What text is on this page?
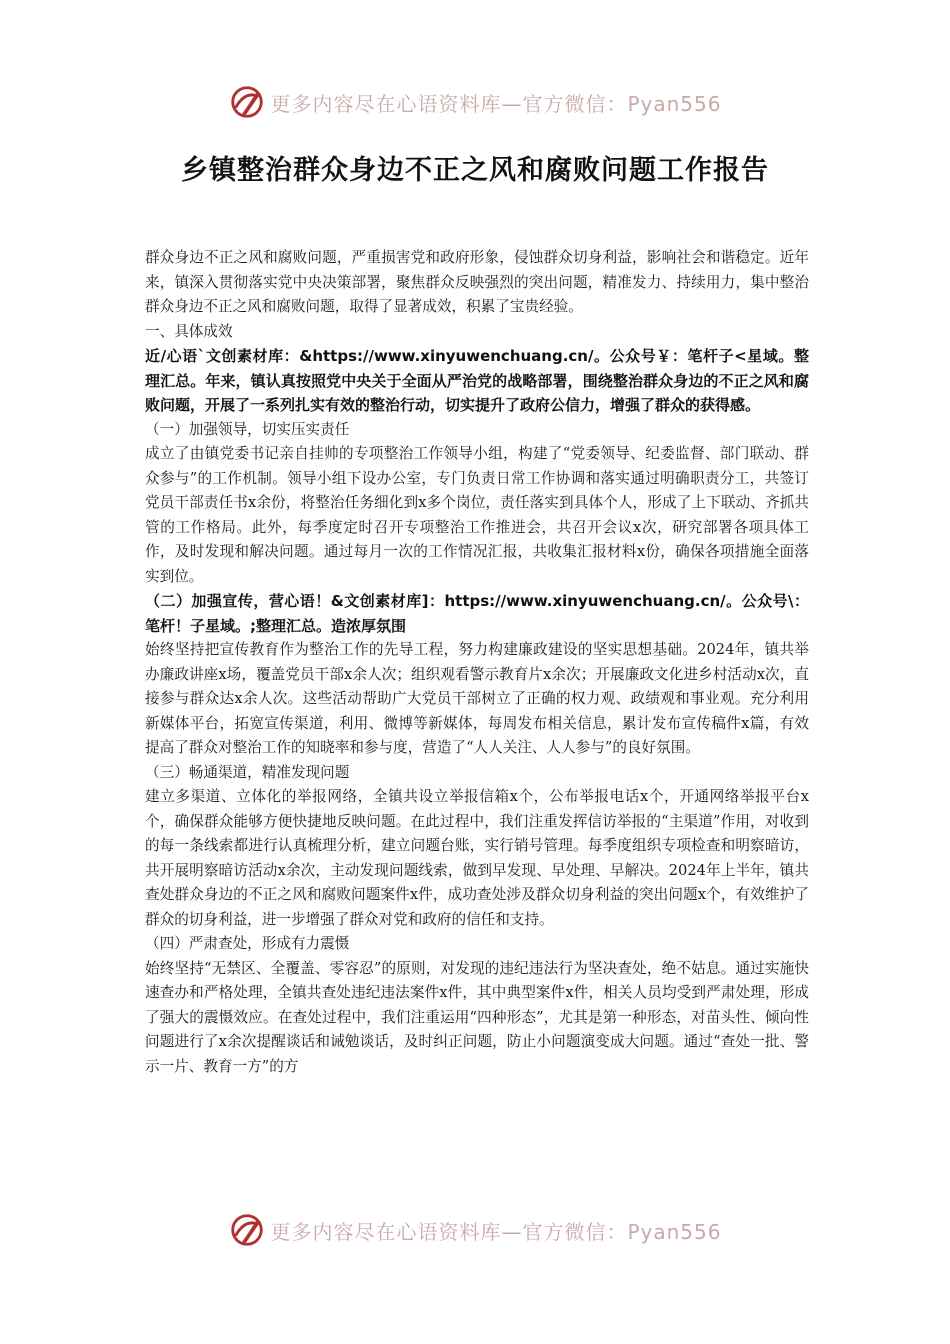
更多内容尽在心语资料库—官方微信：Pyan556
乡镇整治群众身边不正之风和腐败问题工作报告

群众身边不正之风和腐败问题，严重损害党和政府形象，侵蚀群众切身利益，影响社会和谐稳定。近年来，镇深入贯彻落实党中央决策部署，聚焦群众反映强烈的突出问题，精准发力、持续用力，集中整治群众身边不正之风和腐败问题，取得了显著成效，积累了宝贵经验。

一、具体成效

近/心语`文创素材库：&https://www.xinyuwenchuang.cn/。公众号￥：笔杆子<星域。整理汇总。年来，镇认真按照党中央关于全面从严治党的战略部署，围绕整治群众身边的不正之风和腐败问题，开展了一系列扎实有效的整治行动，切实提升了政府公信力，增强了群众的获得感。

（一）加强领导，切实压实责任

成立了由镇党委书记亲自挂帅的专项整治工作领导小组，构建了“党委领导、纪委监督、部门联动、群众参与”的工作机制。领导小组下设办公室，专门负责日常工作协调和落实通过明确职责分工，共签订党员干部责任书x余份，将整治任务细化到x多个岗位，责任落实到具体个人，形成了上下联动、齐抓共管的工作格局。此外，每季度定时召开专项整治工作推进会，共召开会议x次，研究部署各项具体工作，及时发现和解决问题。通过每月一次的工作情况汇报，共收集汇报材料x份，确保各项措施全面落实到位。

（二）加强宣传，营心语！&文创素材库]：https://www.xinyuwenchuang.cn/。公众号\：笔杆！子星域。;整理汇总。造浓厚氛围

始终坚持把宣传教育作为整治工作的先导工程，努力构建廉政建设的坚实思想基础。2024年，镇共举办廉政讲座x场，覆盖党员干部x余人次；组织观看警示教育片x余次；开展廉政文化进乡村活动x次，直接参与群众达x余人次。这些活动帮助广大党员干部树立了正确的权力观、政绩观和事业观。充分利用新媒体平台，拓宽宣传渠道，利用、微博等新媒体，每周发布相关信息，累计发布宣传稿件x篇，有效提高了群众对整治工作的知晓率和参与度，营造了“人人关注、人人参与”的良好氛围。

（三）畅通渠道，精准发现问题

建立多渠道、立体化的举报网络，全镇共设立举报信箱x个，公布举报电话x个，开通网络举报平台x个，确保群众能够方便快捷地反映问题。在此过程中，我们注重发挥信访举报的“主渠道”作用，对收到的每一条线索都进行认真梳理分析，建立问题台账，实行销号管理。每季度组织专项检查和明察暗访，共开展明察暗访活动x余次，主动发现问题线索，做到早发现、早处理、早解决。2024年上半年，镇共查处群众身边的不正之风和腐败问题案件x件，成功查处涉及群众切身利益的突出问题x个，有效维护了群众的切身利益，进一步增强了群众对党和政府的信任和支持。

（四）严肃查处，形成有力震慑

始终坚持“无禁区、全覆盖、零容忍”的原则，对发现的违纪违法行为坚决查处，绝不姑息。通过实施快速查办和严格处理，全镇共查处违纪违法案件x件，其中典型案件x件，相关人员均受到严肃处理，形成了强大的震慑效应。在查处过程中，我们注重运用“四种形态”，尤其是第一种形态，对苗头性、倾向性问题进行了x余次提醒谈话和诫勉谈话，及时纠正问题，防止小问题演变成大问题。通过“查处一批、警示一片、教育一方”的方

更多内容尽在心语资料库—官方微信：Pyan556
